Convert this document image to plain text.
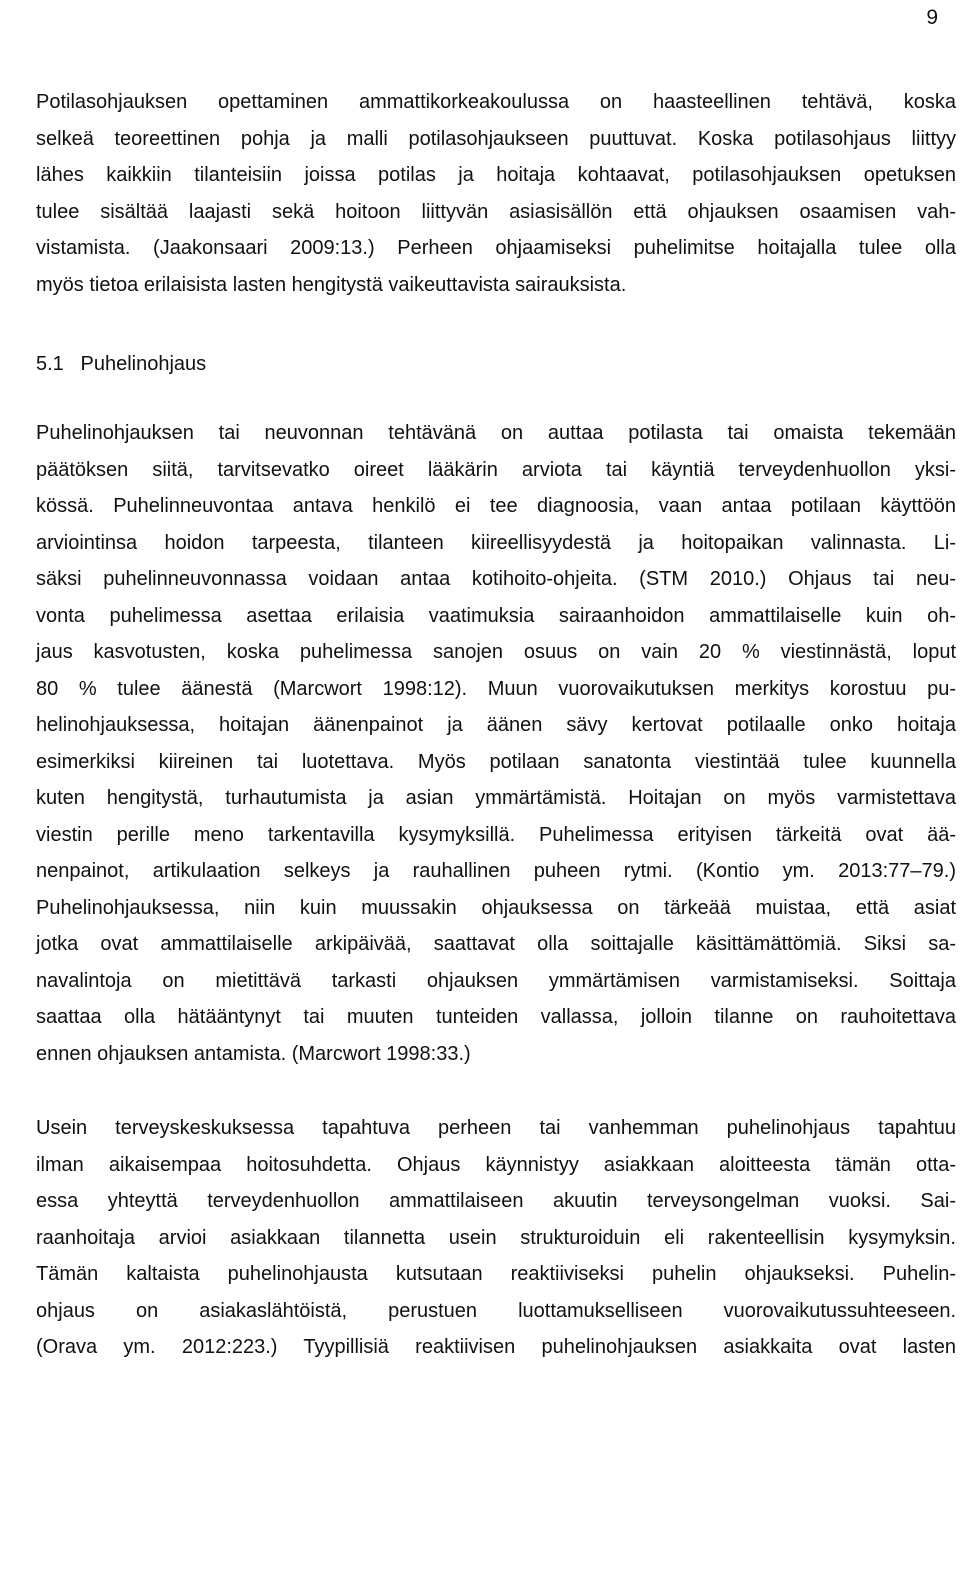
9
Potilasohjauksen opettaminen ammattikorkeakoulussa on haasteellinen tehtävä, koska
selkeä teoreettinen pohja ja malli potilasohjaukseen puuttuvat. Koska potilasohjaus liittyy
lähes kaikkiin tilanteisiin joissa potilas ja hoitaja kohtaavat, potilasohjauksen opetuksen
tulee sisältää laajasti sekä hoitoon liittyvän asiasisällön että ohjauksen osaamisen vah-
vistamista. (Jaakonsaari 2009:13.) Perheen ohjaamiseksi puhelimitse hoitajalla tulee olla
myös tietoa erilaisista lasten hengitystä vaikeuttavista sairauksista.
5.1 Puhelinohjaus
Puhelinohjauksen tai neuvonnan tehtävänä on auttaa potilasta tai omaista tekemään
päätöksen siitä, tarvitsevatko oireet lääkärin arviota tai käyntiä terveydenhuollon yksi-
kössä. Puhelinneuvontaa antava henkilö ei tee diagnoosia, vaan antaa potilaan käyttöön
arviointinsa hoidon tarpeesta, tilanteen kiireellisyydestä ja hoitopaikan valinnasta. Li-
säksi puhelinneuvonnassa voidaan antaa kotihoito-ohjeita. (STM 2010.) Ohjaus tai neu-
vonta puhelimessa asettaa erilaisia vaatimuksia sairaanhoidon ammattilaiselle kuin oh-
jaus kasvotusten, koska puhelimessa sanojen osuus on vain 20 % viestinnästä, loput
80 % tulee äänestä (Marcwort 1998:12). Muun vuorovaikutuksen merkitys korostuu pu-
helinohjauksessa, hoitajan äänenpainot ja äänen sävy kertovat potilaalle onko hoitaja
esimerkiksi kiireinen tai luotettava. Myös potilaan sanatonta viestintää tulee kuunnella
kuten hengitystä, turhautumista ja asian ymmärtämistä. Hoitajan on myös varmistettava
viestin perille meno tarkentavilla kysymyksillä. Puhelimessa erityisen tärkeitä ovat ää-
nenpainot, artikulaation selkeys ja rauhallinen puheen rytmi. (Kontio ym. 2013:77–79.)
Puhelinohjauksessa, niin kuin muussakin ohjauksessa on tärkeää muistaa, että asiat
jotka ovat ammattilaiselle arkipäivää, saattavat olla soittajalle käsittämättömiä. Siksi sa-
navalintoja on mietittävä tarkasti ohjauksen ymmärtämisen varmistamiseksi. Soittaja
saattaa olla hätääntynyt tai muuten tunteiden vallassa, jolloin tilanne on rauhoitettava
ennen ohjauksen antamista. (Marcwort 1998:33.)
Usein terveyskeskuksessa tapahtuva perheen tai vanhemman puhelinohjaus tapahtuu
ilman aikaisempaa hoitosuhdetta. Ohjaus käynnistyy asiakkaan aloitteesta tämän otta-
essa yhteyttä terveydenhuollon ammattilaiseen akuutin terveysongelman vuoksi. Sai-
raanhoitaja arvioi asiakkaan tilannetta usein strukturoiduin eli rakenteellisin kysymyksin.
Tämän kaltaista puhelinohjausta kutsutaan reaktiiviseksi puhelin ohjaukseksi. Puhelin-
ohjaus on asiakaslähtöistä, perustuen luottamukselliseen vuorovaikutussuhteeseen.
(Orava ym. 2012:223.) Tyypillisiä reaktiivisen puhelinohjauksen asiakkaita ovat lasten
